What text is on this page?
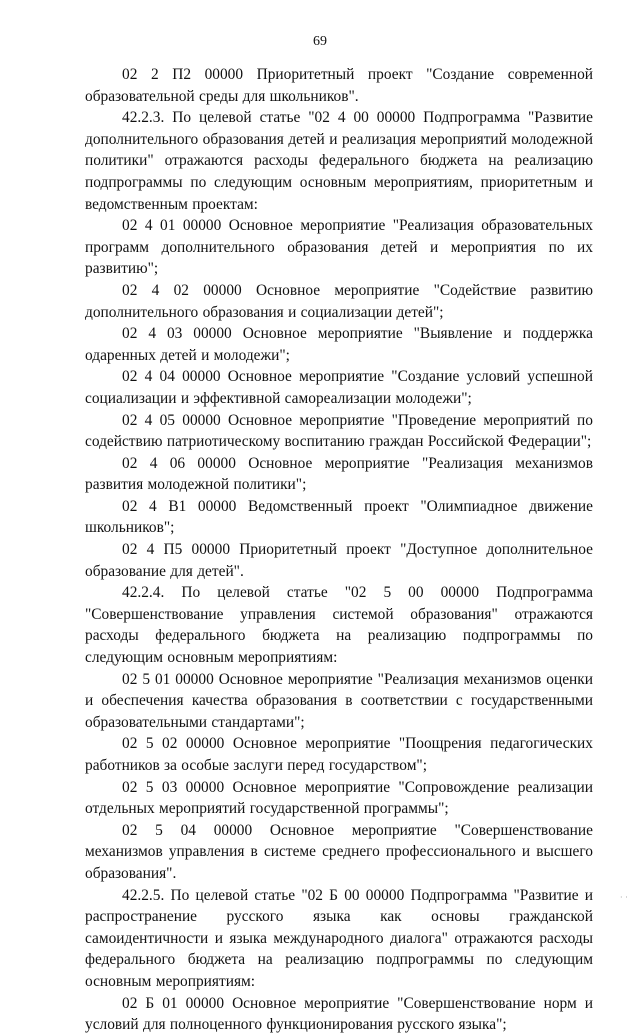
69

02 2 П2 00000 Приоритетный проект "Создание современной образовательной среды для школьников".

42.2.3. По целевой статье "02 4 00 00000 Подпрограмма "Развитие дополнительного образования детей и реализация мероприятий молодежной политики" отражаются расходы федерального бюджета на реализацию подпрограммы по следующим основным мероприятиям, приоритетным и ведомственным проектам:

02 4 01 00000 Основное мероприятие "Реализация образовательных программ дополнительного образования детей и мероприятия по их развитию";

02 4 02 00000 Основное мероприятие "Содействие развитию дополнительного образования и социализации детей";

02 4 03 00000 Основное мероприятие "Выявление и поддержка одаренных детей и молодежи";

02 4 04 00000 Основное мероприятие "Создание условий успешной социализации и эффективной самореализации молодежи";

02 4 05 00000 Основное мероприятие "Проведение мероприятий по содействию патриотическому воспитанию граждан Российской Федерации";

02 4 06 00000 Основное мероприятие "Реализация механизмов развития молодежной политики";

02 4 В1 00000 Ведомственный проект "Олимпиадное движение школьников";

02 4 П5 00000 Приоритетный проект "Доступное дополнительное образование для детей".

42.2.4. По целевой статье "02 5 00 00000 Подпрограмма "Совершенствование управления системой образования" отражаются расходы федерального бюджета на реализацию подпрограммы по следующим основным мероприятиям:

02 5 01 00000 Основное мероприятие "Реализация механизмов оценки и обеспечения качества образования в соответствии с государственными образовательными стандартами";

02 5 02 00000 Основное мероприятие "Поощрения педагогических работников за особые заслуги перед государством";

02 5 03 00000 Основное мероприятие "Сопровождение реализации отдельных мероприятий государственной программы";

02 5 04 00000 Основное мероприятие "Совершенствование механизмов управления в системе среднего профессионального и высшего образования".

42.2.5. По целевой статье "02 Б 00 00000 Подпрограмма "Развитие и распространение русского языка как основы гражданской самоидентичности и языка международного диалога" отражаются расходы федерального бюджета на реализацию подпрограммы по следующим основным мероприятиям:

02 Б 01 00000 Основное мероприятие "Совершенствование норм и условий для полноценного функционирования русского языка";

· ·
